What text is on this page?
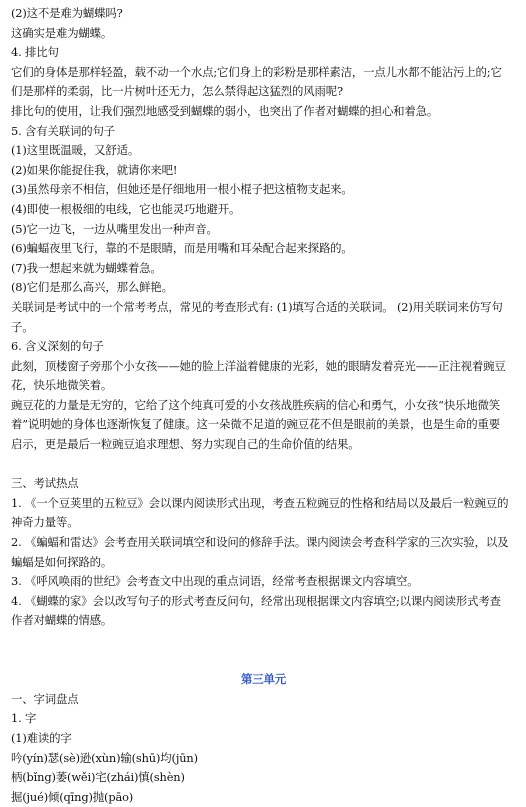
(2)这不是难为蝴蝶吗?
这确实是难为蝴蝶。
4. 排比句
它们的身体是那样轻盈，载不动一个水点;它们身上的彩粉是那样素洁，一点儿水都不能沾污上的;它
们是那样的柔弱，比一片树叶还无力，怎么禁得起这猛烈的风雨呢?
排比句的使用，让我们强烈地感受到蝴蝶的弱小，也突出了作者对蝴蝶的担心和着急。
5. 含有关联词的句子
(1)这里既温暖，又舒适。
(2)如果你能捉住我，就请你来吧!
(3)虽然母亲不相信，但她还是仔细地用一根小棍子把这植物支起来。
(4)即使一根极细的电线，它也能灵巧地避开。
(5)它一边飞，一边从嘴里发出一种声音。
(6)蝙蝠夜里飞行，靠的不是眼睛，而是用嘴和耳朵配合起来探路的。
(7)我一想起来就为蝴蝶着急。
(8)它们是那么高兴，那么鲜艳。
关联词是考试中的一个常考考点，常见的考查形式有: (1)填写合适的关联词。 (2)用关联词来仿写句
子。
6. 含义深刻的句子
此刻，顶楼窗子旁那个小女孩——她的脸上洋溢着健康的光彩，她的眼睛发着亮光——正注视着豌豆
花，快乐地微笑着。
豌豆花的力量是无穷的，它给了这个纯真可爱的小女孩战胜疾病的信心和勇气，小女孩“快乐地微笑
着”说明她的身体也逐渐恢复了健康。这一朵微不足道的豌豆花不但是眼前的美景，也是生命的重要
启示，更是最后一粒豌豆追求理想、努力实现自己的生命价值的结果。
三、考试热点
1. 《一个豆荚里的五粒豆》会以课内阅读形式出现，考查五粒豌豆的性格和结局以及最后一粒豌豆的
神奇力量等。
2. 《蝙蝠和雷达》会考查用关联词填空和设问的修辞手法。课内阅读会考查科学家的三次实验，以及
蝙蝠是如何探路的。
3. 《呼风唤雨的世纪》会考查文中出现的重点词语，经常考查根据课文内容填空。
4. 《蝴蝶的家》会以改写句子的形式考查反问句，经常出现根据课文内容填空;以课内阅读形式考查
作者对蝴蝶的情感。
第三单元
一、字词盘点
1. 字
(1)难读的字
吟(yín)瑟(sè)逊(xùn)输(shū)均(jūn)
柄(bǐng)萎(wěi)宅(zhái)慎(shèn)
掘(jué)倾(qīng)抛(pāo)
